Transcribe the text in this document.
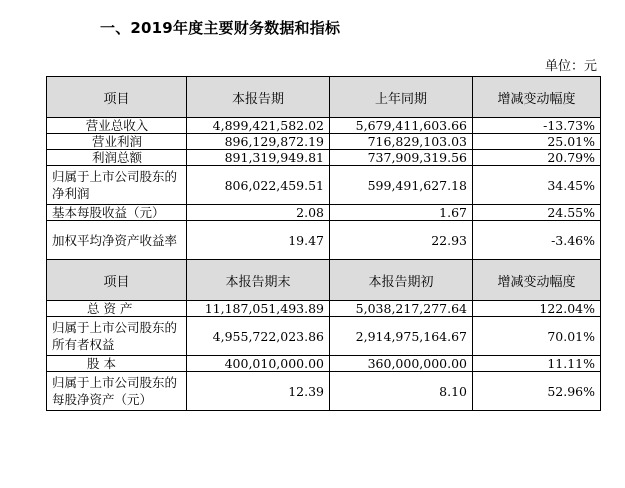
一、2019年度主要财务数据和指标
单位：元
项目	本报告期	上年同期	增减变动幅度
营业总收入	4,899,421,582.02	5,679,411,603.66	-13.73%
营业利润	896,129,872.19	716,829,103.03	25.01%
利润总额	891,319,949.81	737,909,319.56	20.79%
归属于上市公司股东的净利润	806,022,459.51	599,491,627.18	34.45%
基本每股收益（元）	2.08	1.67	24.55%
加权平均净资产收益率	19.47	22.93	-3.46%
项目	本报告期末	本报告期初	增减变动幅度
总 资 产	11,187,051,493.89	5,038,217,277.64	122.04%
归属于上市公司股东的所有者权益	4,955,722,023.86	2,914,975,164.67	70.01%
股 本	400,010,000.00	360,000,000.00	11.11%
归属于上市公司股东的每股净资产（元）	12.39	8.10	52.96%
